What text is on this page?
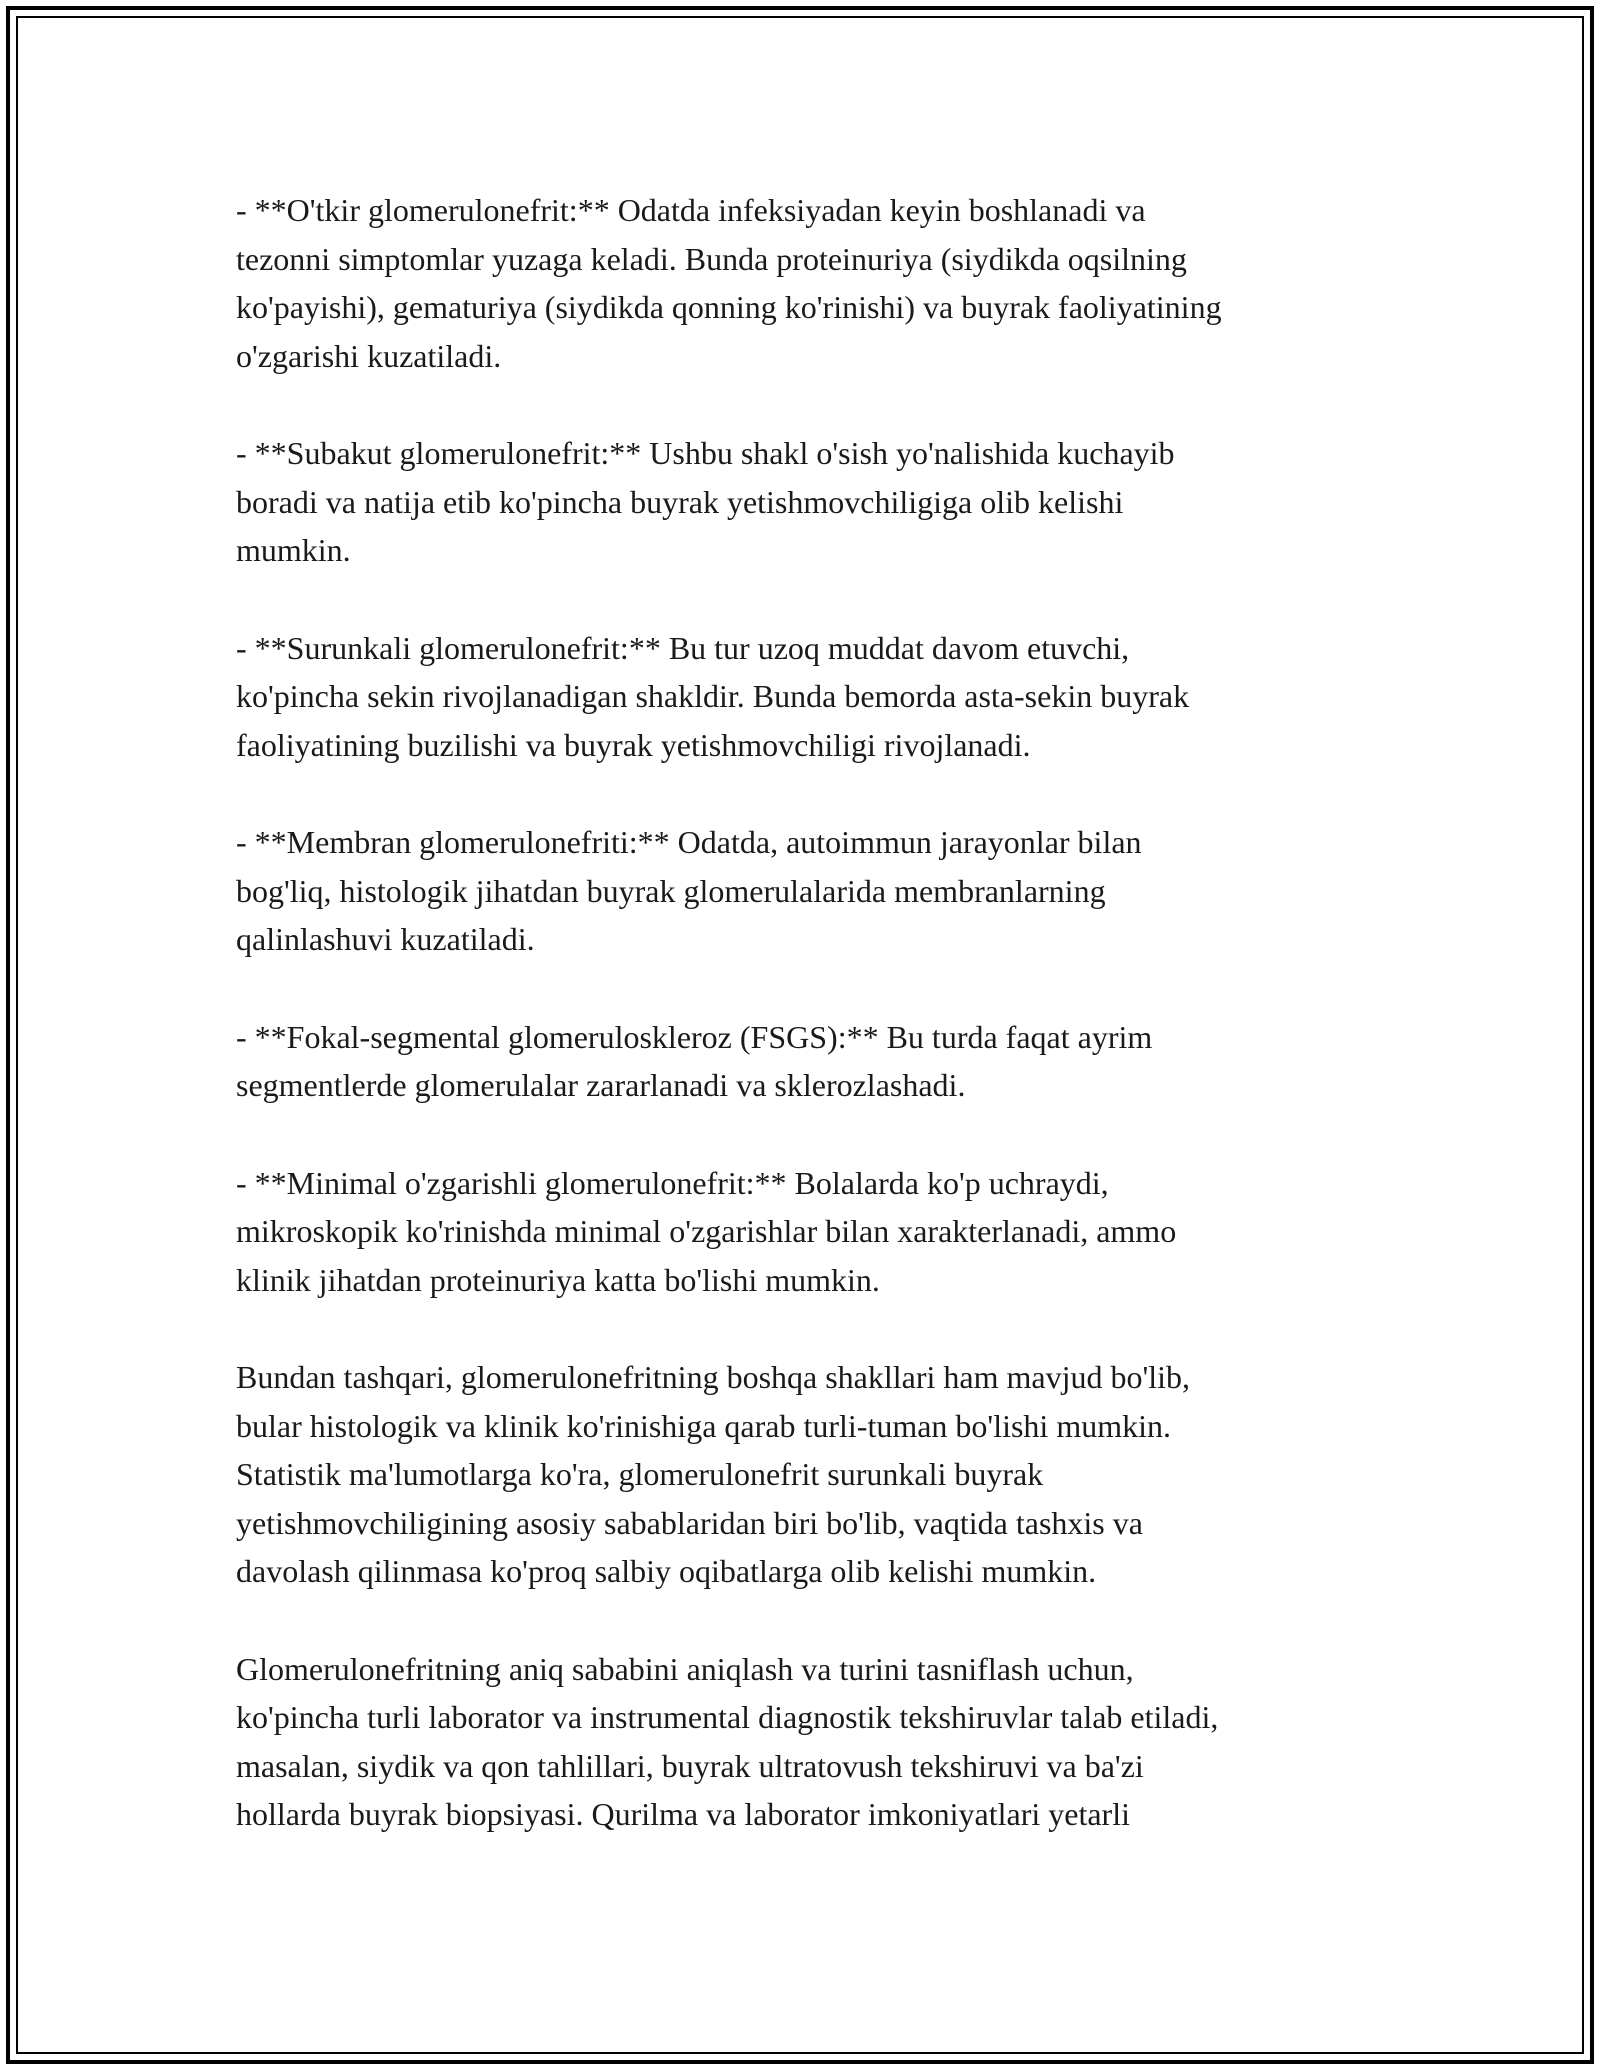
- **O'tkir glomerulonefrit:** Odatda infeksiyadan keyin boshlanadi va
tezonni simptomlar yuzaga keladi. Bunda proteinuriya (siydikda oqsilning
ko'payishi), gematuriya (siydikda qonning ko'rinishi) va buyrak faoliyatining
o'zgarishi kuzatiladi.

- **Subakut glomerulonefrit:** Ushbu shakl o'sish yo'nalishida kuchayib
boradi va natija etib ko'pincha buyrak yetishmovchiligiga olib kelishi
mumkin.

- **Surunkali glomerulonefrit:** Bu tur uzoq muddat davom etuvchi,
ko'pincha sekin rivojlanadigan shakldir. Bunda bemorda asta-sekin buyrak
faoliyatining buzilishi va buyrak yetishmovchiligi rivojlanadi.

- **Membran glomerulonefriti:** Odatda, autoimmun jarayonlar bilan
bog'liq, histologik jihatdan buyrak glomerulalarida membranlarning
qalinlashuvi kuzatiladi.

- **Fokal-segmental glomeruloskleroz (FSGS):** Bu turda faqat ayrim
segmentlerde glomerulalar zararlanadi va sklerozlashadi.

- **Minimal o'zgarishli glomerulonefrit:** Bolalarda ko'p uchraydi,
mikroskopik ko'rinishda minimal o'zgarishlar bilan xarakterlanadi, ammo
klinik jihatdan proteinuriya katta bo'lishi mumkin.

Bundan tashqari, glomerulonefritning boshqa shakllari ham mavjud bo'lib,
bular histologik va klinik ko'rinishiga qarab turli-tuman bo'lishi mumkin.
Statistik ma'lumotlarga ko'ra, glomerulonefrit surunkali buyrak
yetishmovchiligining asosiy sabablaridan biri bo'lib, vaqtida tashxis va
davolash qilinmasa ko'proq salbiy oqibatlarga olib kelishi mumkin.

Glomerulonefritning aniq sababini aniqlash va turini tasniflash uchun,
ko'pincha turli laborator va instrumental diagnostik tekshiruvlar talab etiladi,
masalan, siydik va qon tahlillari, buyrak ultratovush tekshiruvi va ba'zi
hollarda buyrak biopsiyasi. Qurilma va laborator imkoniyatlari yetarli
